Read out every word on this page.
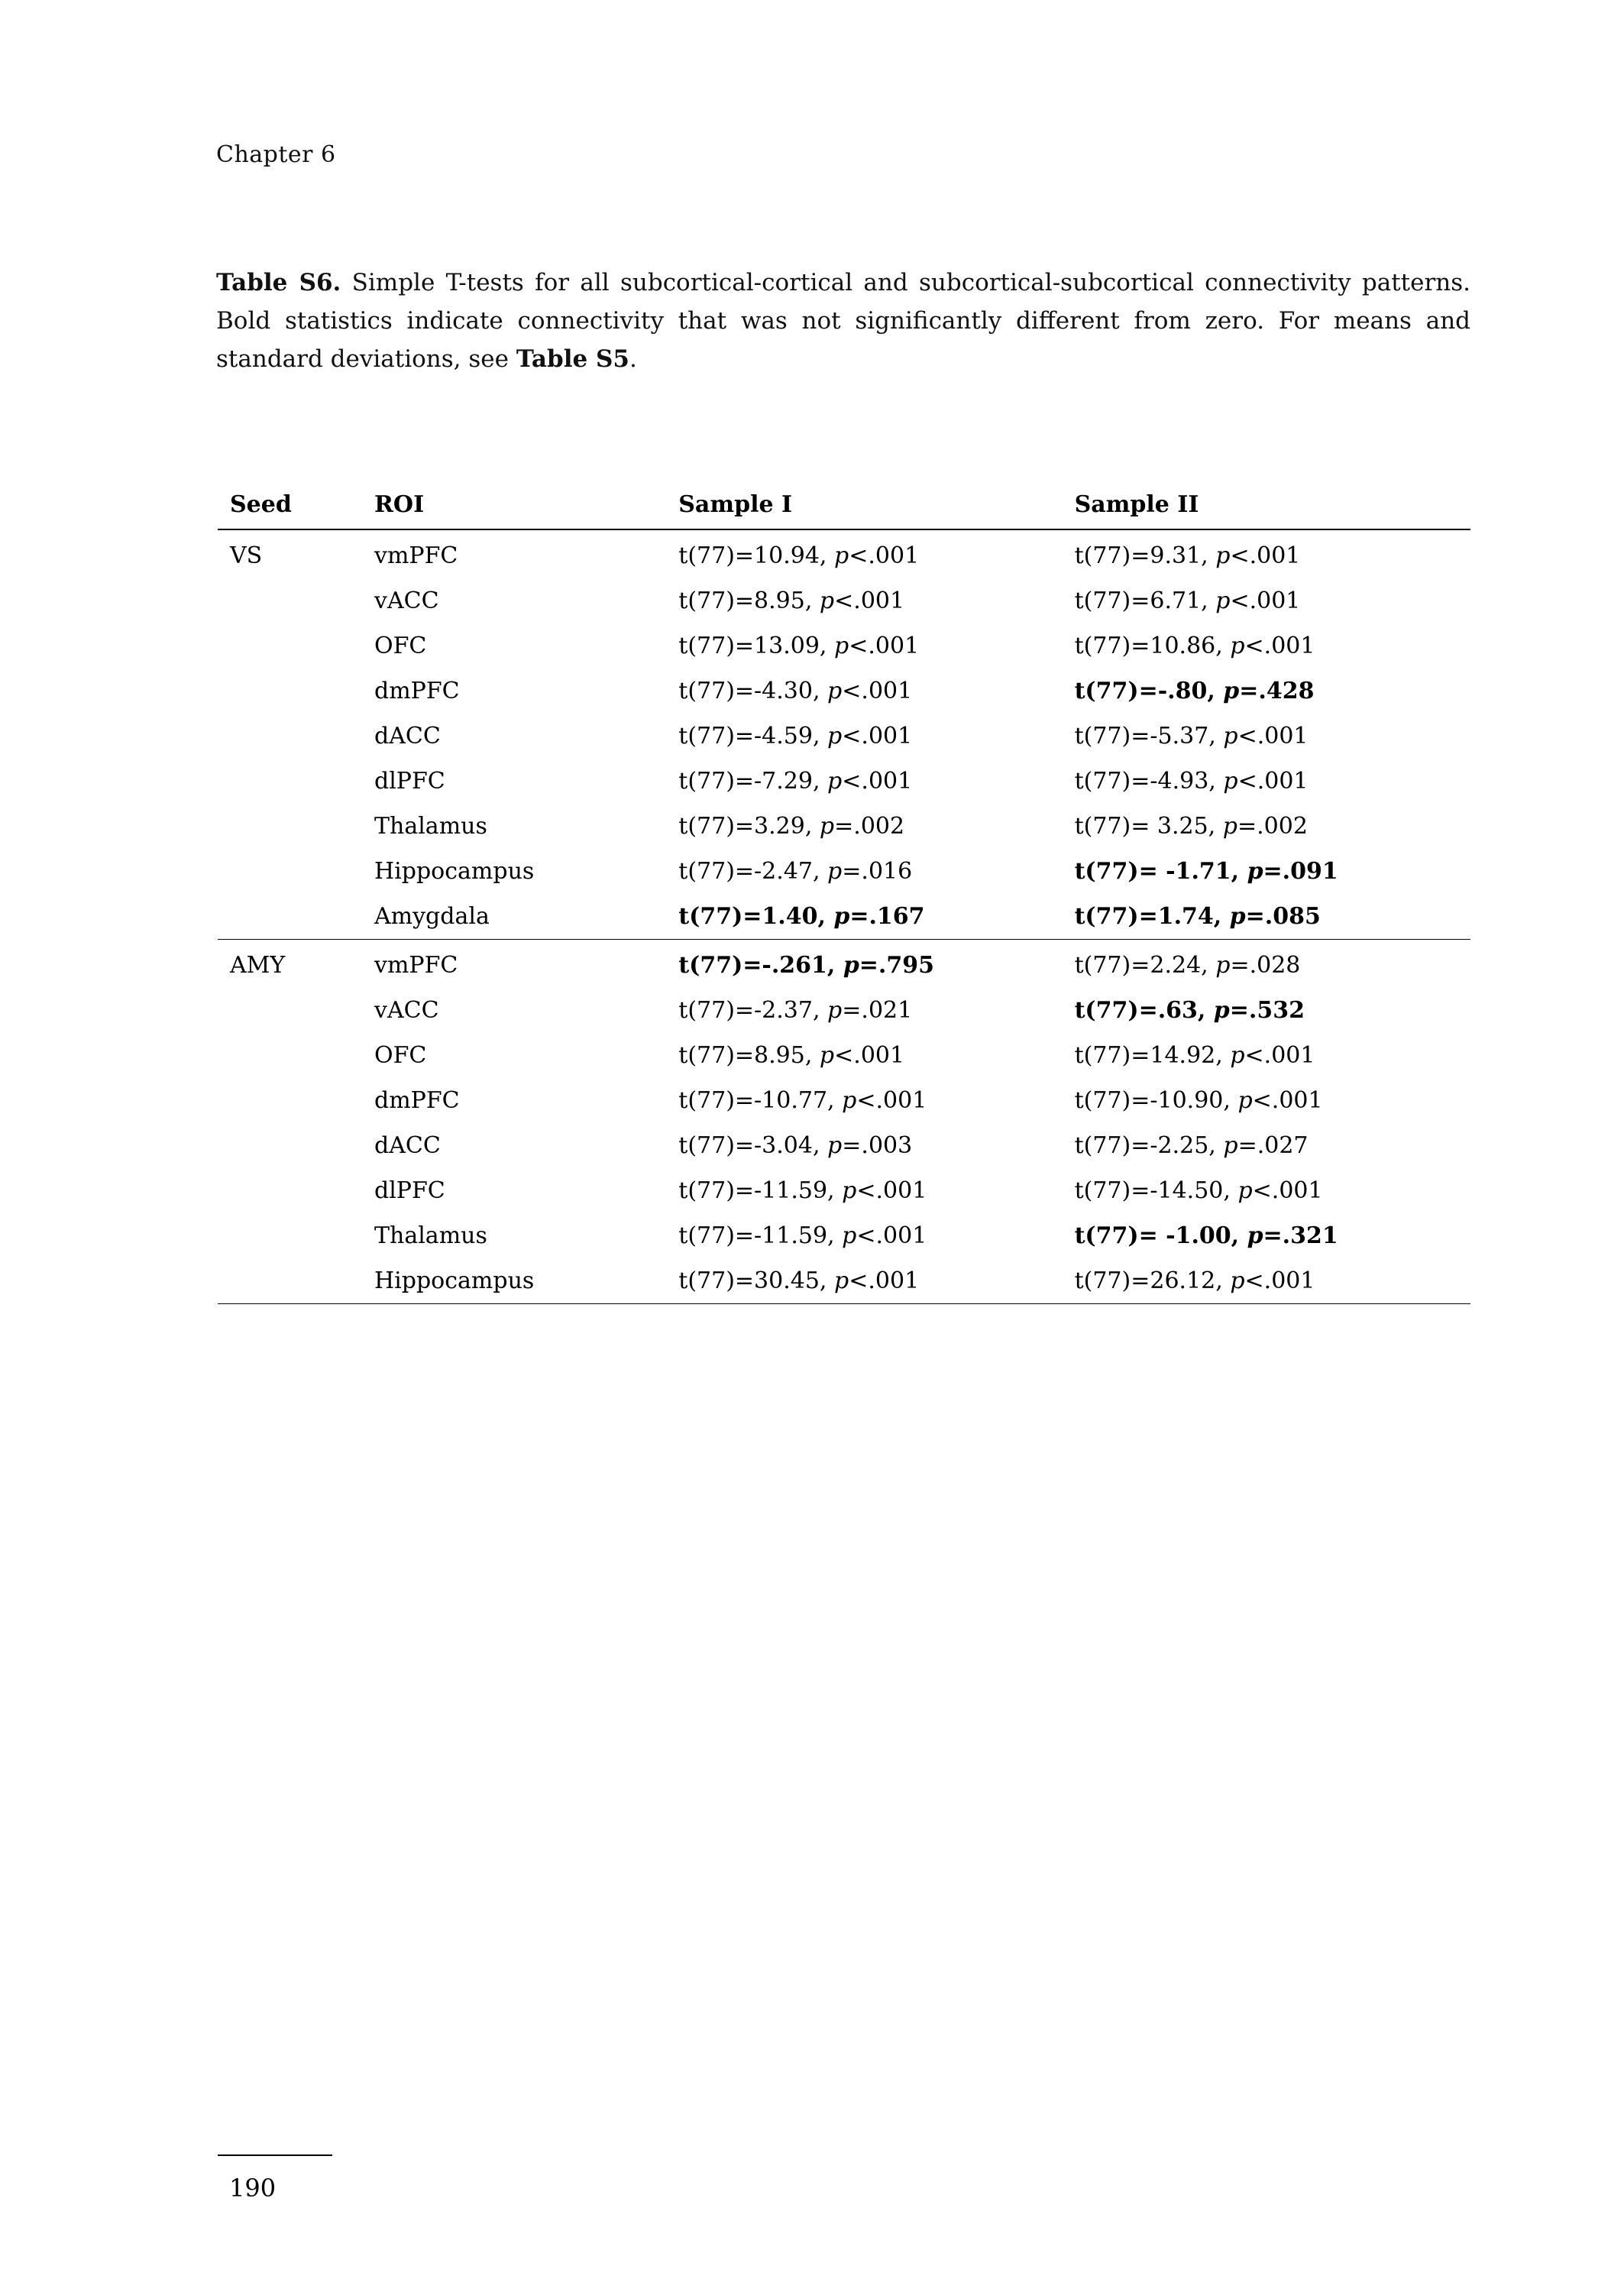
Chapter 6
Table S6. Simple T-tests for all subcortical-cortical and subcortical-subcortical connectivity patterns. Bold statistics indicate connectivity that was not significantly different from zero. For means and standard deviations, see Table S5.
Seed	ROI	Sample I	Sample II
VS	vmPFC	t(77)=10.94, p<.001	t(77)=9.31, p<.001
	vACC	t(77)=8.95, p<.001	t(77)=6.71, p<.001
	OFC	t(77)=13.09, p<.001	t(77)=10.86, p<.001
	dmPFC	t(77)=-4.30, p<.001	t(77)=-.80, p=.428
	dACC	t(77)=-4.59, p<.001	t(77)=-5.37, p<.001
	dlPFC	t(77)=-7.29, p<.001	t(77)=-4.93, p<.001
	Thalamus	t(77)=3.29, p=.002	t(77)= 3.25, p=.002
	Hippocampus	t(77)=-2.47, p=.016	t(77)= -1.71, p=.091
	Amygdala	t(77)=1.40, p=.167	t(77)=1.74, p=.085
AMY	vmPFC	t(77)=-.261, p=.795	t(77)=2.24, p=.028
	vACC	t(77)=-2.37, p=.021	t(77)=.63, p=.532
	OFC	t(77)=8.95, p<.001	t(77)=14.92, p<.001
	dmPFC	t(77)=-10.77, p<.001	t(77)=-10.90, p<.001
	dACC	t(77)=-3.04, p=.003	t(77)=-2.25, p=.027
	dlPFC	t(77)=-11.59, p<.001	t(77)=-14.50, p<.001
	Thalamus	t(77)=-11.59, p<.001	t(77)= -1.00, p=.321
	Hippocampus	t(77)=30.45, p<.001	t(77)=26.12, p<.001
190
